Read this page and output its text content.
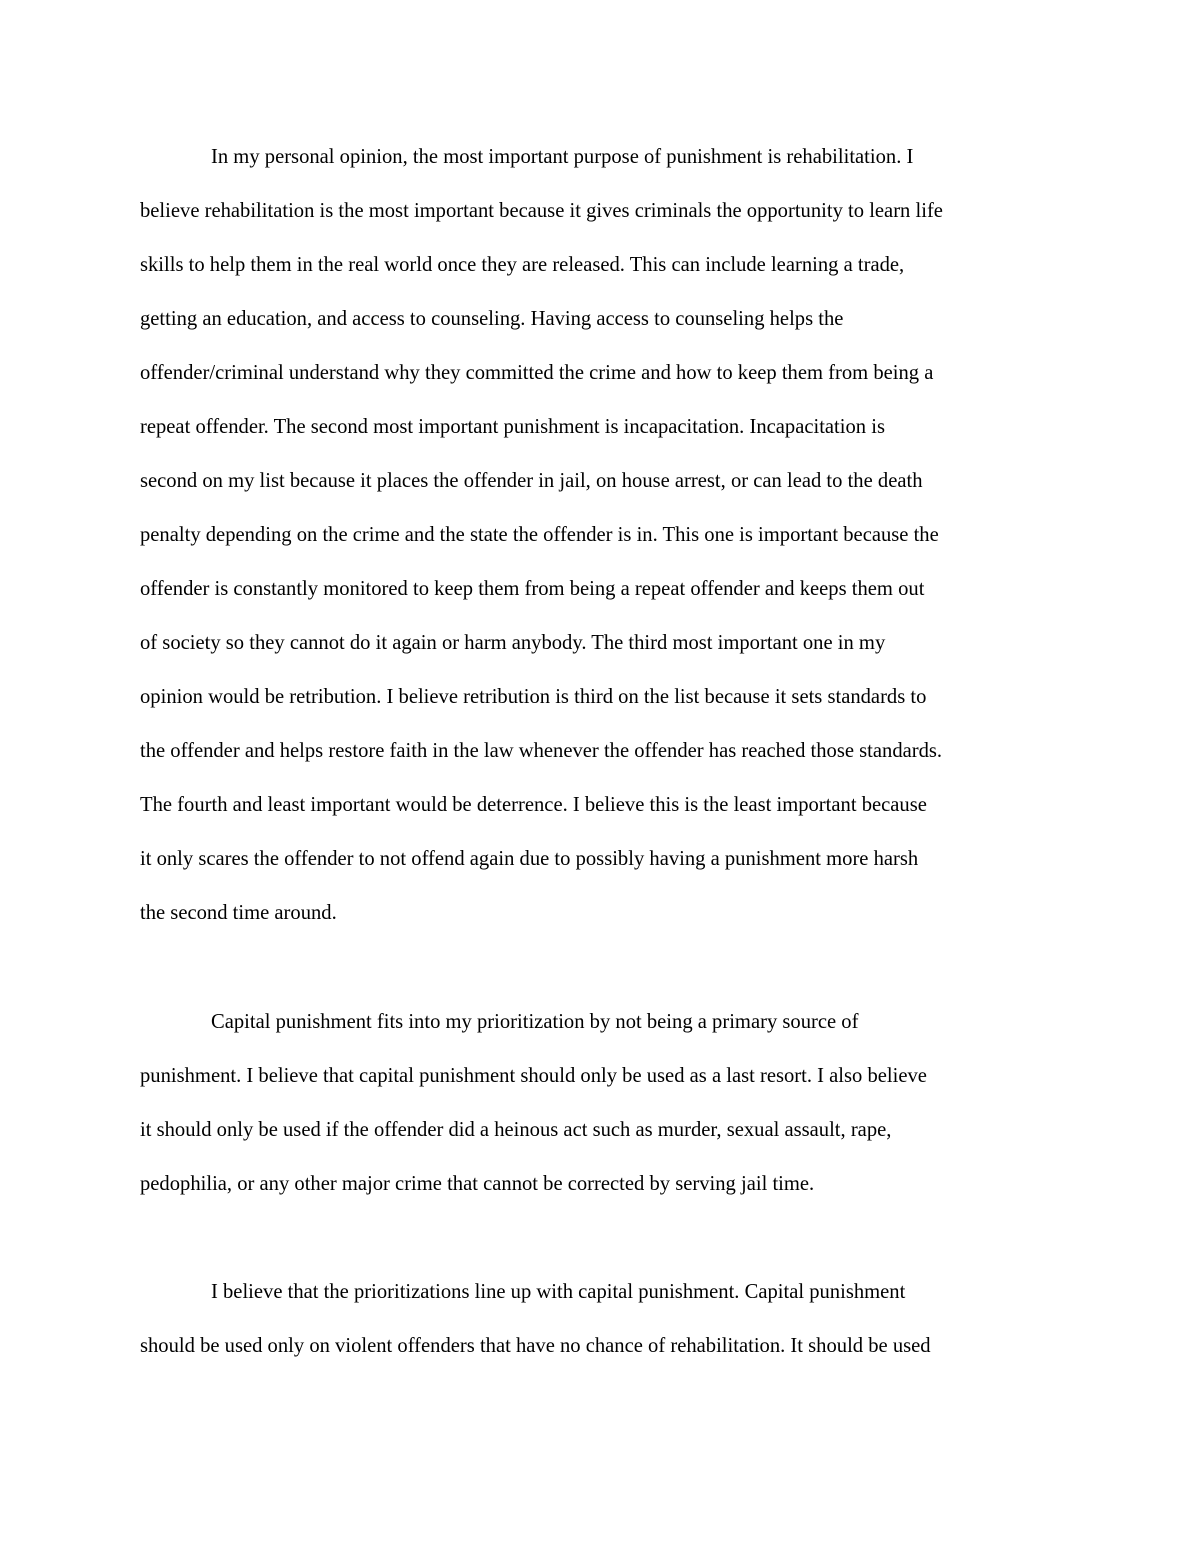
In my personal opinion, the most important purpose of punishment is rehabilitation. I
believe rehabilitation is the most important because it gives criminals the opportunity to learn life
skills to help them in the real world once they are released. This can include learning a trade,
getting an education, and access to counseling. Having access to counseling helps the
offender/criminal understand why they committed the crime and how to keep them from being a
repeat offender. The second most important punishment is incapacitation. Incapacitation is
second on my list because it places the offender in jail, on house arrest, or can lead to the death
penalty depending on the crime and the state the offender is in. This one is important because the
offender is constantly monitored to keep them from being a repeat offender and keeps them out
of society so they cannot do it again or harm anybody. The third most important one in my
opinion would be retribution. I believe retribution is third on the list because it sets standards to
the offender and helps restore faith in the law whenever the offender has reached those standards.
The fourth and least important would be deterrence. I believe this is the least important because
it only scares the offender to not offend again due to possibly having a punishment more harsh
the second time around.
Capital punishment fits into my prioritization by not being a primary source of
punishment. I believe that capital punishment should only be used as a last resort. I also believe
it should only be used if the offender did a heinous act such as murder, sexual assault, rape,
pedophilia, or any other major crime that cannot be corrected by serving jail time.
I believe that the prioritizations line up with capital punishment. Capital punishment
should be used only on violent offenders that have no chance of rehabilitation. It should be used
